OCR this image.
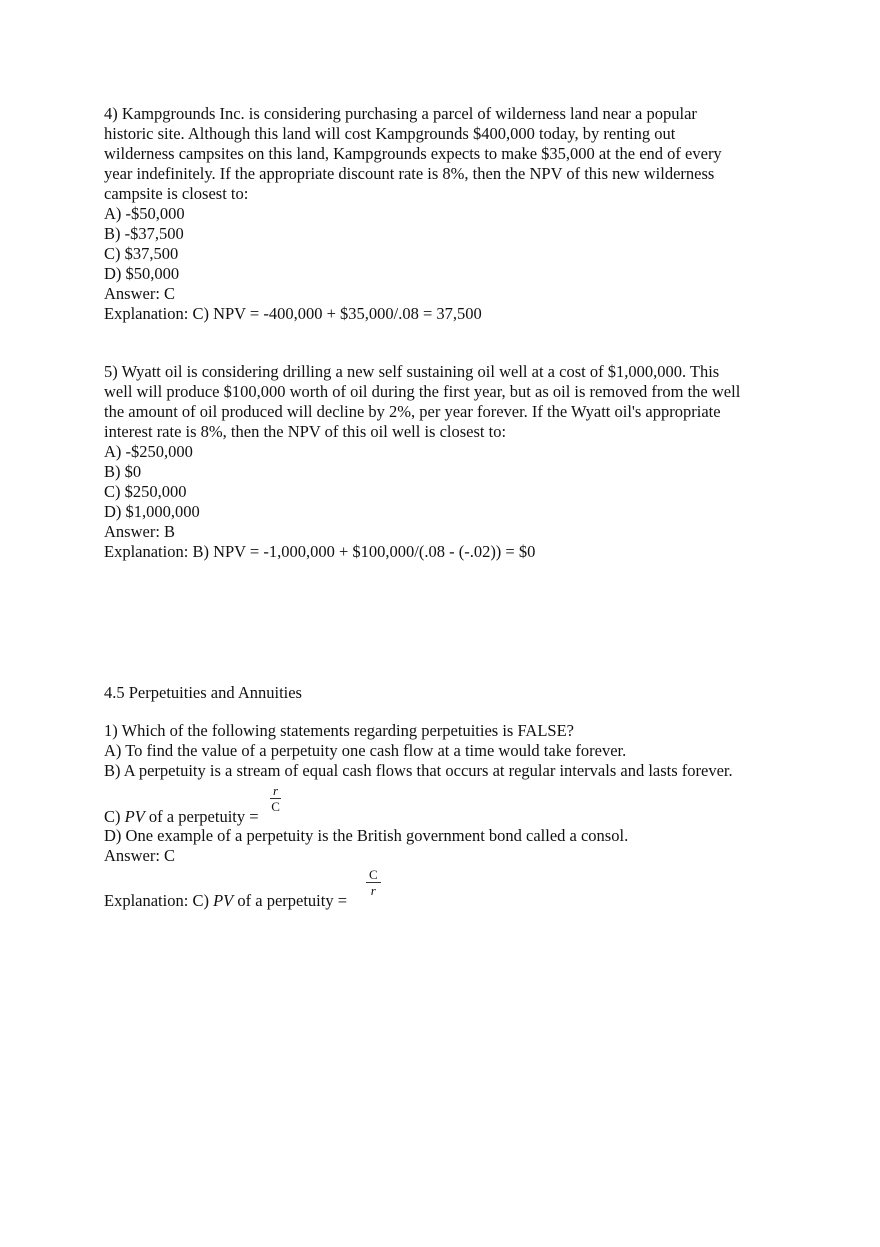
4) Kampgrounds Inc. is considering purchasing a parcel of wilderness land near a popular
historic site. Although this land will cost Kampgrounds $400,000 today, by renting out
wilderness campsites on this land, Kampgrounds expects to make $35,000 at the end of every
year indefinitely. If the appropriate discount rate is 8%, then the NPV of this new wilderness
campsite is closest to:
A) -$50,000
B) -$37,500
C) $37,500
D) $50,000
Answer: C
Explanation: C) NPV = -400,000 + $35,000/.08 = 37,500
5) Wyatt oil is considering drilling a new self sustaining oil well at a cost of $1,000,000. This
well will produce $100,000 worth of oil during the first year, but as oil is removed from the well
the amount of oil produced will decline by 2%, per year forever. If the Wyatt oil's appropriate
interest rate is 8%, then the NPV of this oil well is closest to:
A) -$250,000
B) $0
C) $250,000
D) $1,000,000
Answer: B
Explanation: B) NPV = -1,000,000 + $100,000/(.08 - (-.02)) = $0
4.5 Perpetuities and Annuities
1) Which of the following statements regarding perpetuities is FALSE?
A) To find the value of a perpetuity one cash flow at a time would take forever.
B) A perpetuity is a stream of equal cash flows that occurs at regular intervals and lasts forever.
C) PV of a perpetuity =
$\frac{r}{C}$
D) One example of a perpetuity is the British government bond called a consol.
Answer: C
Explanation: C) PV of a perpetuity =
$\frac{C}{r}$
